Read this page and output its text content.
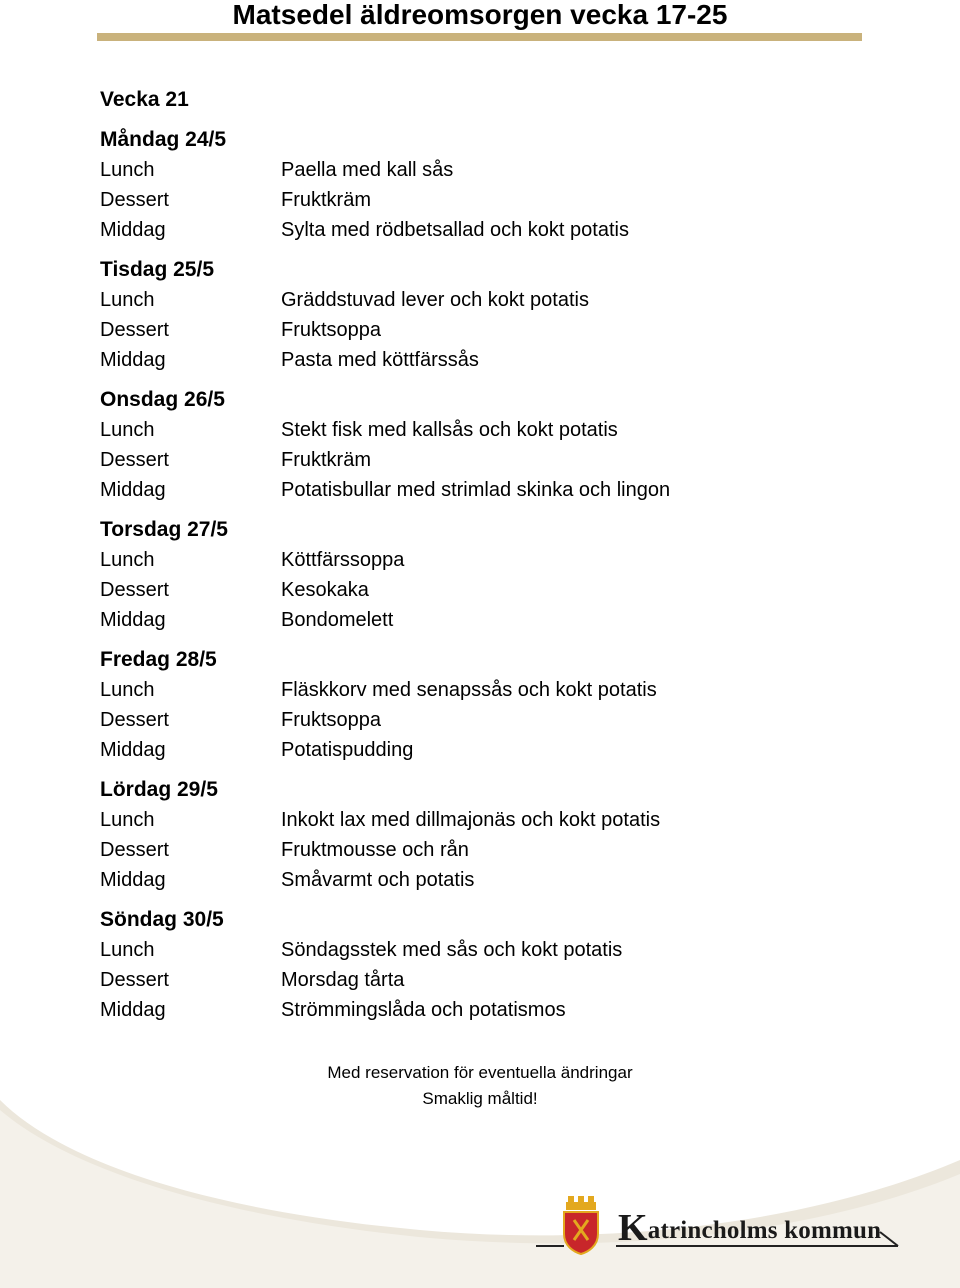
Matsedel äldreomsorgen vecka 17-25
Vecka 21
Måndag 24/5
Lunch	Paella med kall sås
Dessert	Fruktkräm
Middag	Sylta med rödbetsallad och kokt potatis
Tisdag 25/5
Lunch	Gräddstuvad lever och kokt potatis
Dessert	Fruktsoppa
Middag	Pasta med köttfärssås
Onsdag 26/5
Lunch	Stekt fisk med kallsås och kokt potatis
Dessert	Fruktkräm
Middag	Potatisbullar med strimlad skinka och lingon
Torsdag 27/5
Lunch	Köttfärssoppa
Dessert	Kesokaka
Middag	Bondomelett
Fredag 28/5
Lunch	Fläskkorv med senapssås och kokt potatis
Dessert	Fruktsoppa
Middag	Potatispudding
Lördag 29/5
Lunch	Inkokt lax med dillmajonäs och kokt potatis
Dessert	Fruktmousse och rån
Middag	Småvarmt och potatis
Söndag 30/5
Lunch	Söndagsstek med sås och kokt potatis
Dessert	Morsdag tårta
Middag	Strömmingslåda och potatismos
Med reservation för eventuella ändringar
Smaklig måltid!
Katrincholms kommun
